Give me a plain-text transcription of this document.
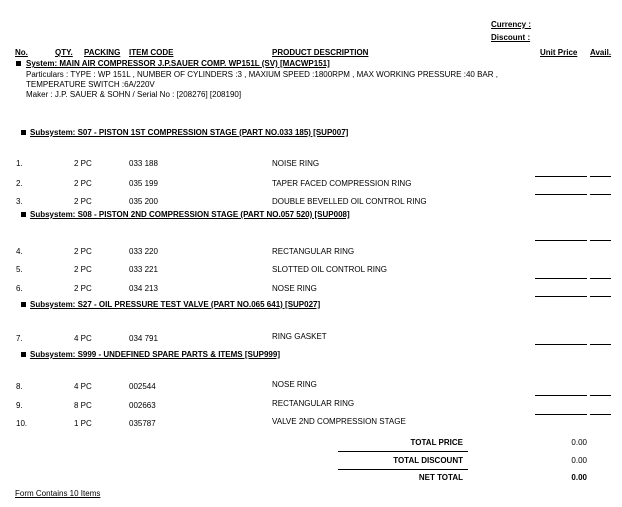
Currency :
Discount :
No.	QTY. PACKING ITEM CODE	PRODUCT DESCRIPTION	Unit Price Avail.
System: MAIN AIR COMPRESSOR J.P.SAUER COMP. WP151L (SV) [MACWP151]
Particulars : TYPE : WP 151L , NUMBER OF CYLINDERS :3 , MAXIUM SPEED :1800RPM , MAX WORKING PRESSURE :40 BAR ,
TEMPERATURE SWITCH :6A/220V
Maker : J.P. SAUER & SOHN / Serial No : [208276] [208190]
Subsystem: S07 - PISTON 1ST COMPRESSION STAGE (PART NO.033 185) [SUP007]
1.	2 PC	033 188	NOISE RING
2.	2 PC	035 199	TAPER FACED COMPRESSION RING
3.	2 PC	035 200	DOUBLE BEVELLED OIL CONTROL RING
Subsystem: S08 - PISTON 2ND COMPRESSION STAGE (PART NO.057 520) [SUP008]
4.	2 PC	033 220	RECTANGULAR RING
5.	2 PC	033 221	SLOTTED OIL CONTROL RING
6.	2 PC	034 213	NOSE RING
Subsystem: S27 - OIL PRESSURE TEST VALVE (PART NO.065 641) [SUP027]
7.	4 PC	034 791	RING GASKET
Subsystem: S999 - UNDEFINED SPARE PARTS & ITEMS [SUP999]
8.	4 PC	002544	NOSE RING
9.	8 PC	002663	RECTANGULAR RING
10.	1 PC	035787	VALVE 2ND COMPRESSION STAGE
TOTAL PRICE	0.00
TOTAL DISCOUNT	0.00
NET TOTAL	0.00
Form Contains 10 Items
